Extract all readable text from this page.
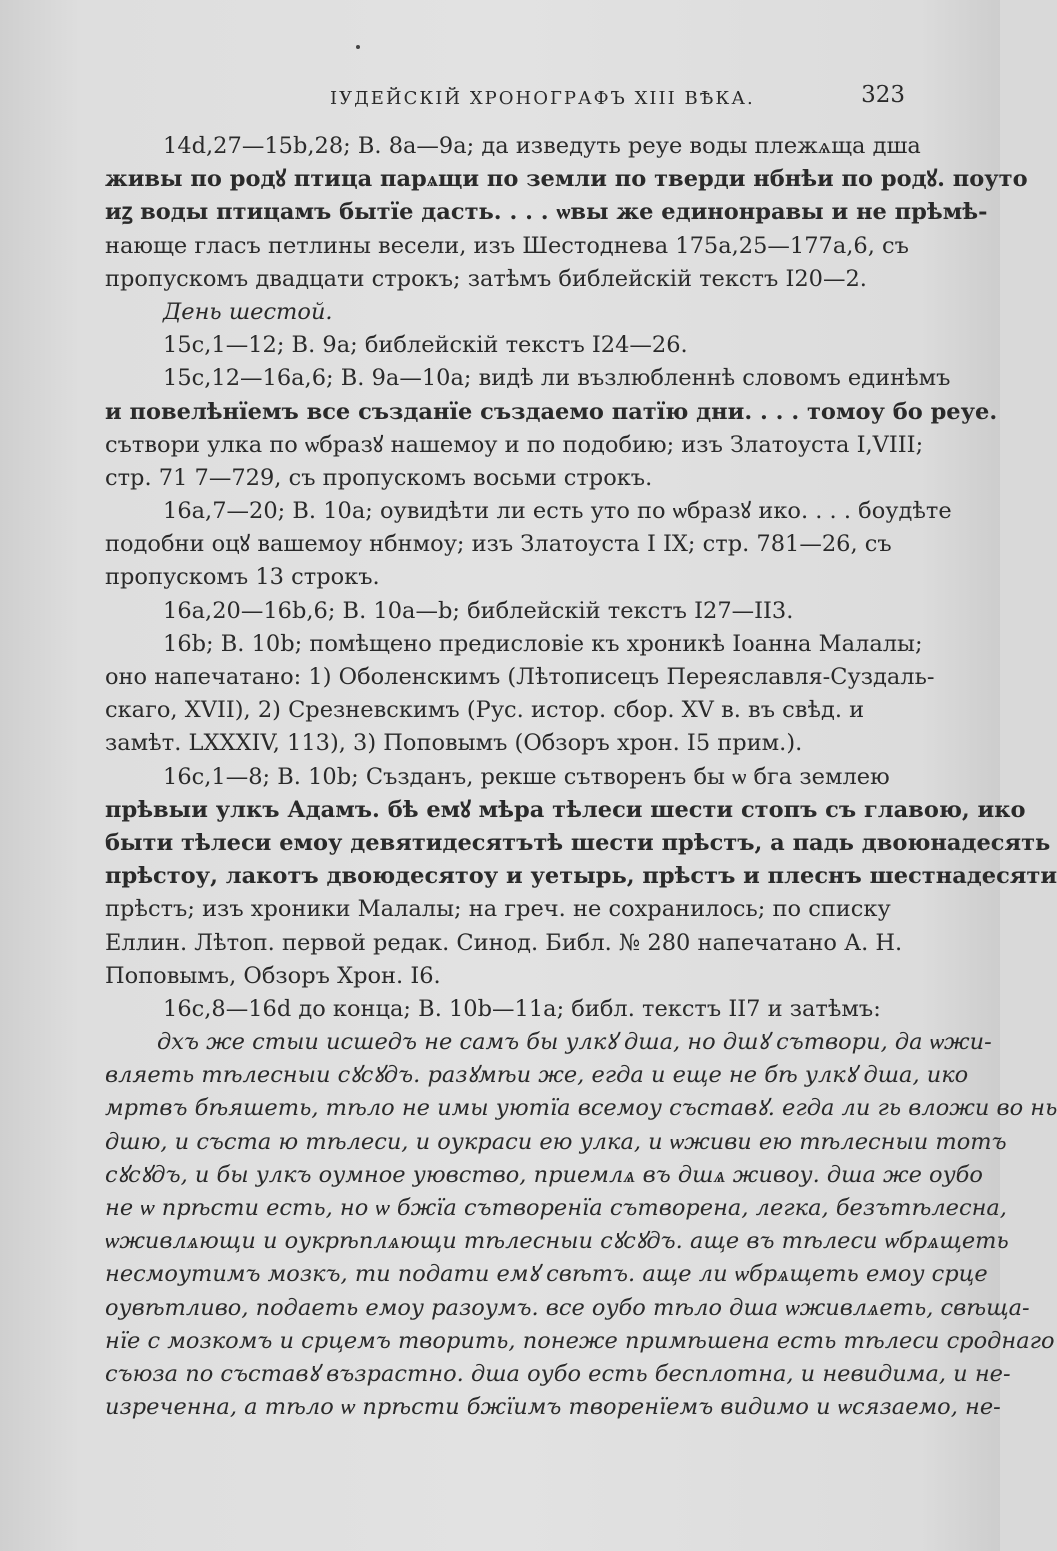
IУДЕЙСКIЙ ХРОНОГРАФЪ XIII ВѢКА.	323
14d,27—15b,28; В. 8a—9a; да изведуть реуе воды плежѧща дша
живы по родꙋ птица парѧщи по земли по тверди нбнѣи по родꙋ. поуто
иꙁ воды птицамъ бытїе дасть. . . . ѡвы же единонравы и не прѣмѣ-
нающе гласъ петлины весели, изъ Шестоднева 175a,25—177a,6, съ
пропускомъ двадцати строкъ; затѣмъ библейскiй текстъ I20—2.
День шестой.
15c,1—12; В. 9a; библейскiй текстъ I24—26.
15c,12—16a,6; В. 9a—10a; видѣ ли възлюбленнѣ словомъ единѣмъ
и повелѣнїемъ все създанїе създаемо патїю дни. . . . томоу бо реуе.
сътвори улка по ѡбразꙋ нашемоу и по подобию; изъ Златоуста I,VIII;
стр. 71 7—729, съ пропускомъ восьми строкъ.
16a,7—20; В. 10a; оувидѣти ли есть уто по ѡбразꙋ ико. . . . боудѣте
подобни оцꙋ вашемоу нбнмоу; изъ Златоуста I IX; стр. 781—26, съ
пропускомъ 13 строкъ.
16a,20—16b,6; В. 10a—b; библейскiй текстъ I27—II3.
16b; В. 10b; помѣщено предисловiе къ хроникѣ Iоанна Малалы;
оно напечатано: 1) Оболенскимъ (Лѣтописецъ Переяславля-Суздаль-
скаго, XVII), 2) Срезневскимъ (Рус. истор. сбор. XV в. въ свѣд. и
замѣт. LXXXIV, 113), 3) Поповымъ (Обзоръ хрон. I5 прим.).
16c,1—8; В. 10b; Създанъ, рекше сътворенъ бы ѡ бга землею
прѣвыи улкъ Адамъ. бѣ емꙋ мѣра тѣлеси шести стопъ съ главою, ико
быти тѣлеси емоу девятидесятътѣ шести прѣстъ, а падь двоюнадесять
прѣстоу, лакотъ двоюдесятоу и уетырь, прѣстъ и плеснъ шестнадесяти
прѣстъ; изъ хроники Малалы; на греч. не сохранилось; по списку
Еллин. Лѣтоп. первой редак. Синод. Библ. № 280 напечатано А. Н.
Поповымъ, Обзоръ Хрон. I6.
16c,8—16d до конца; В. 10b—11a; библ. текстъ II7 и затѣмъ:
дхъ же стыи исшедъ не самъ бы улкꙋ дша, но дшꙋ сътвори, да ѡжи-
вляеть тѣлесныи сꙋсꙋдъ. разꙋмѣи же, егда и еще не бѣ улкꙋ дша, ико
мртвъ бѣяшеть, тѣло не имы уютїа всемоу съставꙋ. егда ли гь вложи во нь
дшю, и съста ю тѣлеси, и оукраси ею улка, и ѡживи ею тѣлесныи тотъ
сꙋсꙋдъ, и бы улкъ оумное уювство, приемлѧ въ дшѧ живоу. дша же оубо
не ѡ прѣсти есть, но ѡ бжїа сътворенїа сътворена, легка, безътѣлесна,
ѡживлѧющи и оукрѣплѧющи тѣлесныи сꙋсꙋдъ. аще въ тѣлеси ѡбрѧщеть
несмоутимъ мозкъ, ти подати емꙋ свѣтъ. аще ли ѡбрѧщеть емоу срце
оувѣтливо, подаеть емоу разоумъ. все оубо тѣло дша ѡживлѧеть, свѣща-
нїе с мозкомъ и срцемъ творить, понеже примѣшена есть тѣлеси сроднаго
съюза по съставꙋ възрастно. дша оубо есть бесплотна, и невидима, и не-
изреченна, а тѣло ѡ прѣсти бжїимъ творенїемъ видимо и ѡсязаемо, не-
